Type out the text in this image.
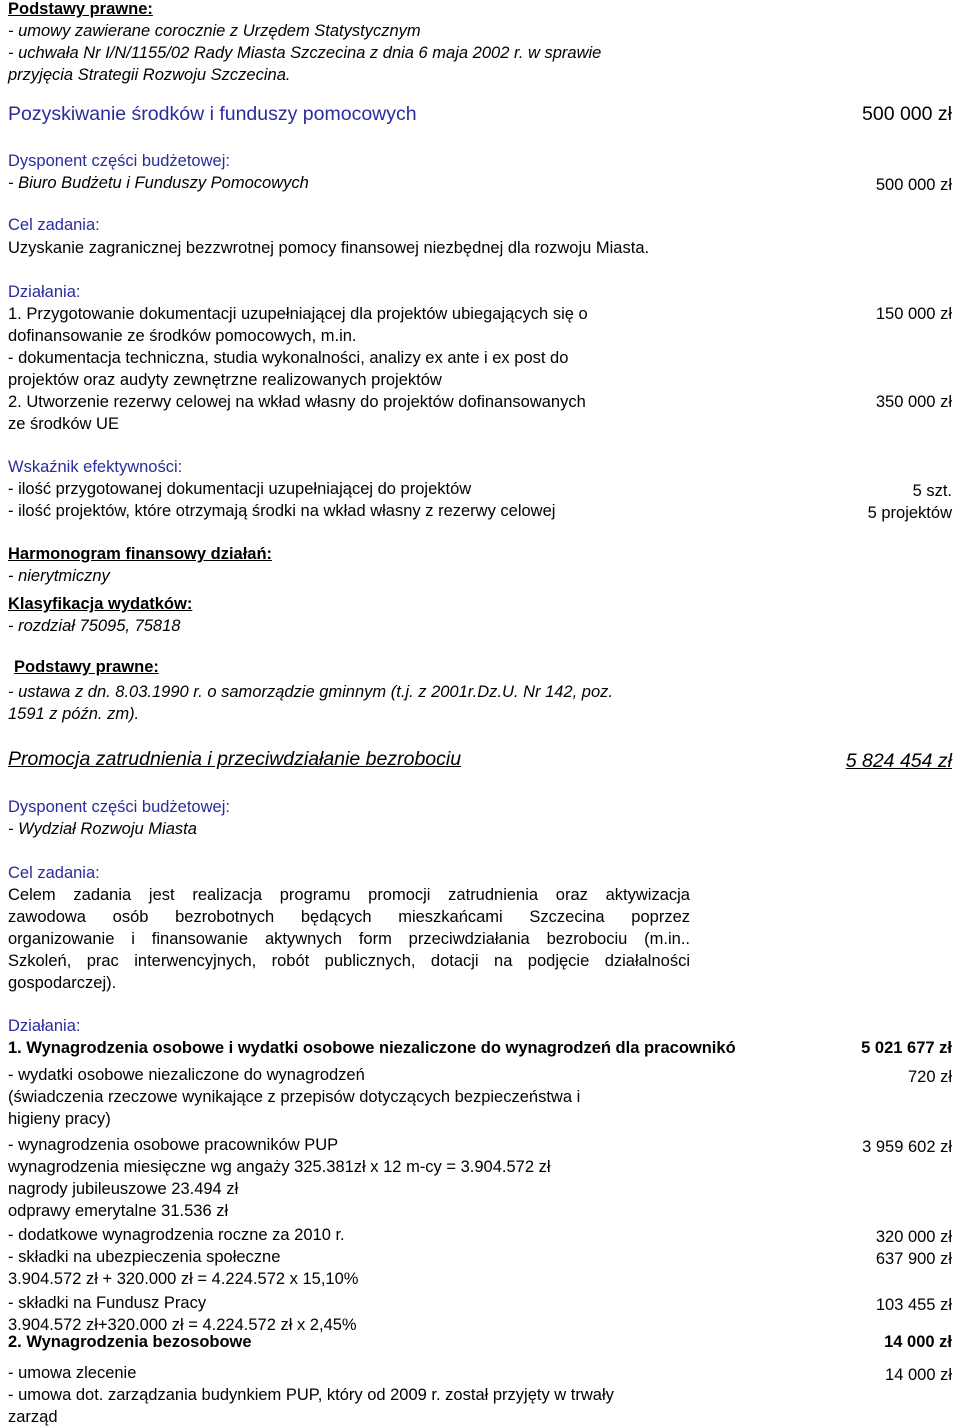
Podstawy prawne:
- umowy zawierane corocznie z Urzędem Statystycznym
- uchwała Nr I/N/1155/02 Rady Miasta Szczecina z dnia 6 maja 2002 r. w sprawie
przyjęcia Strategii Rozwoju Szczecina.
Pozyskiwanie środków i funduszy pomocowych	500 000 zł
Dysponent części budżetowej:
- Biuro Budżetu i Funduszy Pomocowych	500 000 zł
Cel zadania:
Uzyskanie zagranicznej bezzwrotnej pomocy finansowej niezbędnej dla rozwoju Miasta.
Działania:
1. Przygotowanie dokumentacji uzupełniającej dla projektów ubiegających się o	150 000 zł
dofinansowanie ze środków pomocowych, m.in.
- dokumentacja techniczna, studia wykonalności, analizy ex ante i ex post do
projektów oraz audyty zewnętrzne realizowanych projektów
2. Utworzenie rezerwy celowej na wkład własny do projektów dofinansowanych	350 000 zł
ze środków UE
Wskaźnik efektywności:
- ilość przygotowanej dokumentacji uzupełniającej do projektów	5 szt.
- ilość projektów, które otrzymają środki na wkład własny z rezerwy celowej	5 projektów
Harmonogram finansowy działań:
- nierytmiczny
Klasyfikacja wydatków:
- rozdział 75095, 75818
Podstawy prawne:
- ustawa z dn. 8.03.1990 r. o samorządzie gminnym (t.j. z 2001r.Dz.U. Nr 142, poz.
1591 z późn. zm).
Promocja zatrudnienia i przeciwdziałanie bezrobociu	5 824 454 zł
Dysponent części budżetowej:
- Wydział Rozwoju Miasta
Cel zadania:
Celem zadania jest realizacja programu promocji zatrudnienia oraz aktywizacja
zawodowa osób bezrobotnych będących mieszkańcami Szczecina poprzez
organizowanie i finansowanie aktywnych form przeciwdziałania bezrobociu (m.in..
Szkoleń, prac interwencyjnych, robót publicznych, dotacji na podjęcie działalności
gospodarczej).
Działania:
1. Wynagrodzenia osobowe i wydatki osobowe niezaliczone do wynagrodzeń dla pracownikó	5 021 677 zł
- wydatki osobowe niezaliczone do wynagrodzeń	720 zł
(świadczenia rzeczowe wynikające z przepisów dotyczących bezpieczeństwa i
higieny pracy)
- wynagrodzenia osobowe pracowników PUP	3 959 602 zł
wynagrodzenia miesięczne wg angaży 325.381zł x 12 m-cy = 3.904.572 zł
nagrody jubileuszowe 23.494 zł
odprawy emerytalne 31.536 zł
- dodatkowe wynagrodzenia roczne za 2010 r.	320 000 zł
- składki na ubezpieczenia społeczne	637 900 zł
3.904.572 zł + 320.000 zł = 4.224.572 x 15,10%
- składki na Fundusz Pracy	103 455 zł
3.904.572 zł+320.000 zł = 4.224.572 zł x 2,45%
2. Wynagrodzenia bezosobowe	14 000 zł
- umowa zlecenie	14 000 zł
- umowa dot. zarządzania budynkiem PUP, który od 2009 r. został przyjęty w trwały
zarząd
